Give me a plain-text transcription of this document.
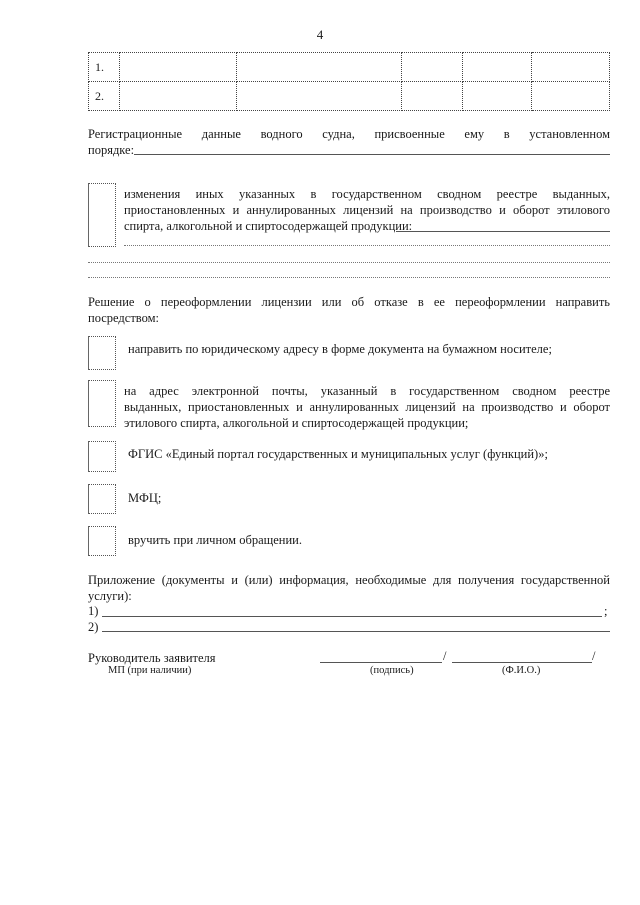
4
1.					
2.					
Регистрационные данные водного судна, присвоенные ему в установленном
порядке:
изменения иных указанных в государственном сводном реестре выданных,
приостановленных и аннулированных лицензий на производство и оборот этилового
спирта, алкогольной и спиртосодержащей продукции:
Решение о переоформлении лицензии или об отказе в ее переоформлении направить
посредством:
направить по юридическому адресу в форме документа на бумажном носителе;
на адрес электронной почты, указанный в государственном сводном реестре
выданных, приостановленных и аннулированных лицензий на производство и оборот
этилового спирта, алкогольной и спиртосодержащей продукции;
ФГИС «Единый портал государственных и муниципальных услуг (функций)»;
МФЦ;
вручить при личном обращении.
Приложение (документы и (или) информация, необходимые для получения государственной
услуги):
1)	;
2)
Руководитель заявителя
МП (при наличии)
/	/
(подпись)	(Ф.И.О.)
